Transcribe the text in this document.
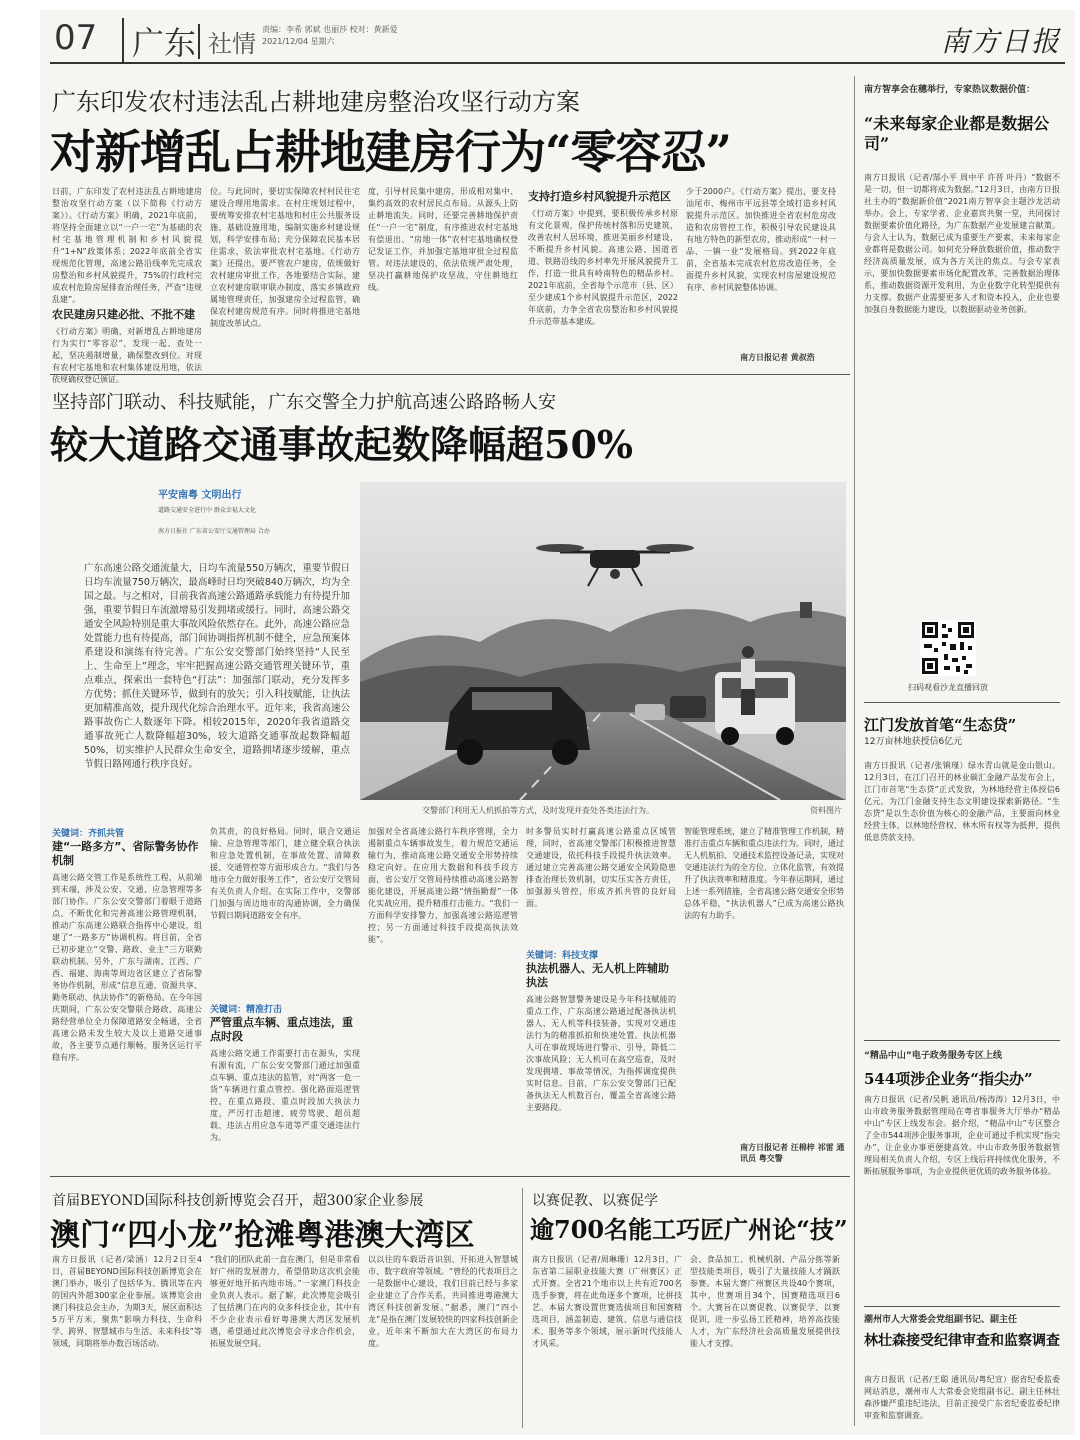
07	广东 社情
责编：李希 郭斌 也丽莎 校对：黄新爱
2021/12/04 星期六	南方日报
广东印发农村违法乱占耕地建房整治攻坚行动方案
对新增乱占耕地建房行为“零容忍”
日前，广东印发了农村违法乱占耕地建房整治攻坚行动方案（以下简称《行动方案》）。《行动方案》明确，2021年底前，将坚持全面建立以“一户一宅”为基础的农村宅基地管理机制和乡村风貌提升“1+N”政策体系；2022年底前全省实现规范化管理，高速公路沿线率先完成农房整治和乡村风貌提升，75%的行政村完成农村危险房屋排查治理任务，严查“违规乱建”。
农民建房只建必批、不批不建
《行动方案》明确，对新增乱占耕地建房行为实行“零容忍”，发现一起、查处一起，坚决遏制增量，确保整改到位。对现有农村宅基地和农村集体建设用地，依法依规确权登记颁证。
位。与此同时，要切实保障农村村民住宅建设合理用地需求。在村庄规划过程中，要统筹安排农村宅基地和村庄公共服务设施、基础设施用地，编制实施乡村建设规划，科学安排布局；充分保障农民基本居住需求，依法审批农村宅基地。《行动方案》还提出，要严管农户建房，依规做好农村建房审批工作，各地要结合实际，建立农村建房联审联办制度，落实乡镇政府属地管理责任，加强建房全过程监管，确保农村建房规范有序。同时将推进宅基地制度改革试点。
度，引导村民集中建房，形成相对集中、集约高效的农村居民点布局。从源头上防止耕地流失。同时，还要完善耕地保护责任“一户一宅”制度，有序推进农村宅基地有偿退出、“房地一体”农村宅基地确权登记发证工作，并加强宅基地审批全过程监管。对违法建设的，依法依规严肃处理，坚决打赢耕地保护攻坚战，守住耕地红线。
支持打造乡村风貌提升示范区
《行动方案》中提到，要积极传承乡村原有文化景观，保护传统村落和历史建筑，改善农村人居环境，推进美丽乡村建设，不断提升乡村风貌。高速公路、国道省道、铁路沿线的乡村率先开展风貌提升工作，打造一批具有岭南特色的精品乡村。2021年底前，全省每个示范市（县、区）至少建成1个乡村风貌提升示范区，2022年底前，力争全省农房整治和乡村风貌提升示范带基本建成。
少于2000户。《行动方案》提出，要支持汕尾市、梅州市平远县等全域打造乡村风貌提升示范区。加快推进全省农村危房改造和农房管控工作，积极引导农民建设具有地方特色的新型农房，推动形成“一村一品、一镇一业”发展格局。到2022年底前，全省基本完成农村危房改造任务，全面提升乡村风貌，实现农村房屋建设规范有序、乡村风貌整体协调。
南方日报记者 黄叔浩
坚持部门联动、科技赋能，广东交警全力护航高速公路路畅人安
较大道路交通事故起数降幅超50%
平安南粤 文明出行
道路交通安全进行中 群众幸福大文化
南方日报社 广东省公安厅交通管理局 合办
广东高速公路交通流量大，日均车流量550万辆次，重要节假日日均车流量750万辆次，最高峰时日均突破840万辆次，均为全国之最。与之相对，目前我省高速公路通路承载能力有待提升加强，重要节假日车流激增易引发拥堵或缓行。同时，高速公路交通安全风险特别是重大事故风险依然存在。此外，高速公路应急处置能力也有待提高，部门间协调指挥机制不健全，应急预案体系建设和演练有待完善。广东公安交警部门始终坚持“人民至上、生命至上”理念，牢牢把握高速公路交通管理关键环节，重点难点，探索出一套特色“打法”：加强部门联动，充分发挥多方优势；抓住关键环节，做到有的放矢；引入科技赋能，让执法更加精准高效，提升现代化综合治理水平。近年来，我省高速公路事故伤亡人数逐年下降。相较2015年，2020年我省道路交通事故死亡人数降幅超30%，较大道路交通事故起数降幅超50%，切实维护人民群众生命安全，道路拥堵逐步缓解，重点节假日路网通行秩序良好。
交警部门利用无人机抓拍等方式，及时发现并查处各类违法行为。	资料图片
关键词：齐抓共管
建“一路多方”、省际警务协作机制
高速公路交管工作是系统性工程，从前端到末端，涉及公安、交通、应急管理等多部门协作。广东公安交警部门着眼于道路点、不断优化和完善高速公路管理机制，推动广东高速公路联合指挥中心建设，组建了“一路多方”协调机构。将目前，全省已初步建立“交警、路政、业主”三方联勤联动机制。另外，广东与湖南、江西、广西、福建、海南等周边省区建立了省际警务协作机制，形成“信息互通、资源共享、勤务联动、执法协作”的新格局。在今年国庆期间，广东公安交警联合路政、高速公路经营单位全力保障道路安全畅通，全省高速公路未发生较大及以上道路交通事故，各主要节点通行顺畅，服务区运行平稳有序。
负其责，的良好格局。同时，联合交通运输、应急管理等部门，建立健全联合执法和应急处置机制，在事故处置、清障救援、交通管控等方面形成合力。“我们与各地市全力做好服务工作”，省公安厅交管局有关负责人介绍。在实际工作中，交警部门加强与周边地市的沟通协调，全力确保节假日期间道路安全有序。
关键词：精准打击
严管重点车辆、重点违法，重点时段
高速公路交通工作需要打击在源头，实现有源有流，广东公安交警部门通过加强重点车辆、重点违法的监管，对“两客一危一货”车辆进行重点管控。强化路面巡逻管控，在重点路段、重点时段加大执法力度，严厉打击超速、疲劳驾驶、超员超载、违法占用应急车道等严重交通违法行为。
加强对全省高速公路行车秩序管理，全力遏制重点车辆事故发生，着力规范交通运输行为，推动高速公路交通安全形势持续稳定向好。在应用大数据和科技手段方面，省公安厅交管局持续推动高速公路智能化建设，开展高速公路“情指勤督”一体化实战应用，提升精准打击能力。“我们一方面科学安排警力，加强高速公路巡逻管控；另一方面通过科技手段提高执法效能”。
时多警员实时打赢高速公路重点区域管理，同时，省高速交警部门积极推进智慧交通建设，依托科技手段提升执法效率。通过建立完善高速公路交通安全风险隐患排查治理长效机制，切实压实各方责任，加强源头管控，形成齐抓共管的良好局面。
关键词：科技支撑
执法机器人、无人机上阵辅助执法
高速公路智慧警务建设是今年科技赋能的重点工作，广东高速公路通过配备执法机器人、无人机等科技装备，实现对交通违法行为的精准抓拍和快速处置。执法机器人可在事故现场进行警示、引导，降低二次事故风险；无人机可在高空巡查，及时发现拥堵、事故等情况，为指挥调度提供实时信息。目前，广东公安交警部门已配备执法无人机数百台，覆盖全省高速公路主要路段。
智能管理系统，建立了精准管理工作机制，精准打击重点车辆和重点违法行为。同时，通过无人机航拍、交通技术监控设备记录，实现对交通违法行为的全方位、立体化监管，有效提升了执法效率和精准度。今年春运期间，通过上述一系列措施，全省高速公路交通安全形势总体平稳，“执法机器人”已成为高速公路执法的有力助手。
南方日报记者 汪棉梓 祁雷 通讯员 粤交警
首届BEYOND国际科技创新博览会召开，超300家企业参展
澳门“四小龙”抢滩粤港澳大湾区
南方日报讯（记者/梁涵）12月2日至4日，首届BEYOND国际科技创新博览会在澳门举办，吸引了包括华为、腾讯等在内的国内外超300家企业参展。该博览会由澳门科技总会主办，为期3天，展区面积达5万平方米，聚焦“影响力科技、生命科学、跨界、智慧城市与生活、未来科技”等领域，同期将举办数百场活动。
“我们的团队此前一直在澳门，但是非常看好广州的发展潜力，希望借助这次机会能够更好地开拓内地市场。”一家澳门科技企业负责人表示。据了解，此次博览会吸引了包括澳门在内的众多科技企业，其中有不少企业表示看好粤港澳大湾区发展机遇，希望通过此次博览会寻求合作机会，拓展发展空间。
以以往的车载语音识别、开拓进入智慧城市、数字政府等领域。“曾经的代表项目之一是数据中心建设，我们目前已经与多家企业建立了合作关系，共同推进粤港澳大湾区科技创新发展。”据悉，澳门“四小龙”是指在澳门发展较快的四家科技创新企业，近年来不断加大在大湾区的布局力度。
以赛促教、以赛促学
逾700名能工巧匠广州论“技”
南方日报讯（记者/周琳珊）12月3日，广东省第二届职业技能大赛（广州赛区）正式开赛。全省21个地市以上共有近700名选手参赛，将在此角逐多个赛项，比拼技艺。本届大赛设置世赛选拔项目和国赛精选项目，涵盖制造、建筑、信息与通信技术、服务等多个领域，展示新时代技能人才风采。
会、食品加工、机械机制、产品分拣等新型技能类项目，吸引了大量技能人才踊跃参赛。本届大赛广州赛区共设40个赛项，其中，世赛项目34个，国赛精选项目6个。大赛旨在以赛促教、以赛促学、以赛促训，进一步弘扬工匠精神，培养高技能人才，为广东经济社会高质量发展提供技能人才支撑。
南方智享会在穗举行，专家热议数据价值：
“未来每家企业都是数据公司”
南方日报讯（记者/郜小平 周中平 许晋 叶丹）“数据不是一切，但一切都将成为数据。”12月3日，由南方日报社主办的“数据新价值”2021南方智享会主题沙龙活动举办。会上，专家学者、企业嘉宾共聚一堂，共同探讨数据要素价值化路径，为广东数据产业发展建言献策。与会人士认为，数据已成为重要生产要素，未来每家企业都将是数据公司。如何充分释放数据价值，推动数字经济高质量发展，成为各方关注的焦点。与会专家表示，要加快数据要素市场化配置改革，完善数据治理体系，推动数据资源开发利用，为企业数字化转型提供有力支撑。数据产业需要更多人才和资本投入，企业也要加强自身数据能力建设，以数据驱动业务创新。
扫码观看沙龙直播回放
江门发放首笔“生态贷”
12万亩林地获授信6亿元
南方日报讯（记者/张镇瑾）绿水青山就是金山银山。12月3日，在江门召开的林业碳汇金融产品发布会上，江门市首笔“生态贷”正式发放，为林地经营主体授信6亿元，为江门金融支持生态文明建设探索新路径。“生态贷”是以生态价值为核心的金融产品，主要面向林业经营主体，以林地经营权、林木所有权等为抵押，提供低息贷款支持。
“精品中山”电子政务服务专区上线
544项涉企业务“指尖办”
南方日报讯（记者/吴帆 通讯员/杨涛涛）12月3日，中山市政务服务数据管理局在粤省事服务大厅举办“精品中山”专区上线发布会。据介绍，“精品中山”专区整合了全市544项涉企服务事项，企业可通过手机实现“指尖办”，让企业办事更便捷高效。中山市政务服务数据管理局相关负责人介绍，专区上线后将持续优化服务，不断拓展服务事项，为企业提供更优质的政务服务体验。
潮州市人大常委会党组副书记、副主任
林壮森接受纪律审查和监察调查
南方日报讯（记者/王聪 通讯员/粤纪宣）据省纪委监委网站消息，潮州市人大常委会党组副书记、副主任林壮森涉嫌严重违纪违法，目前正接受广东省纪委监委纪律审查和监察调查。
